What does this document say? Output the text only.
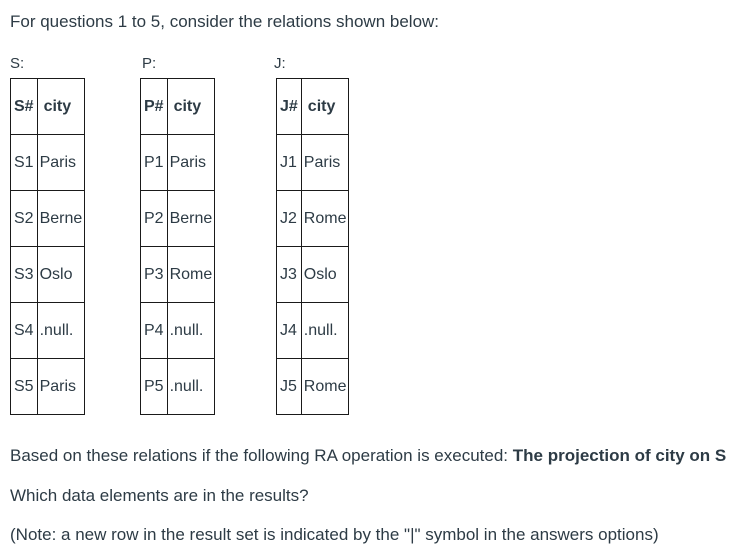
For questions 1 to 5, consider the relations shown below:
S:
S#	city
S1	Paris
S2	Berne
S3	Oslo
S4	.null.
S5	Paris
P:
P#	city
P1	Paris
P2	Berne
P3	Rome
P4	.null.
P5	.null.
J:
J#	city
J1	Paris
J2	Rome
J3	Oslo
J4	.null.
J5	Rome
Based on these relations if the following RA operation is executed: The projection of city on S
Which data elements are in the results?
(Note: a new row in the result set is indicated by the "|" symbol in the answers options)
